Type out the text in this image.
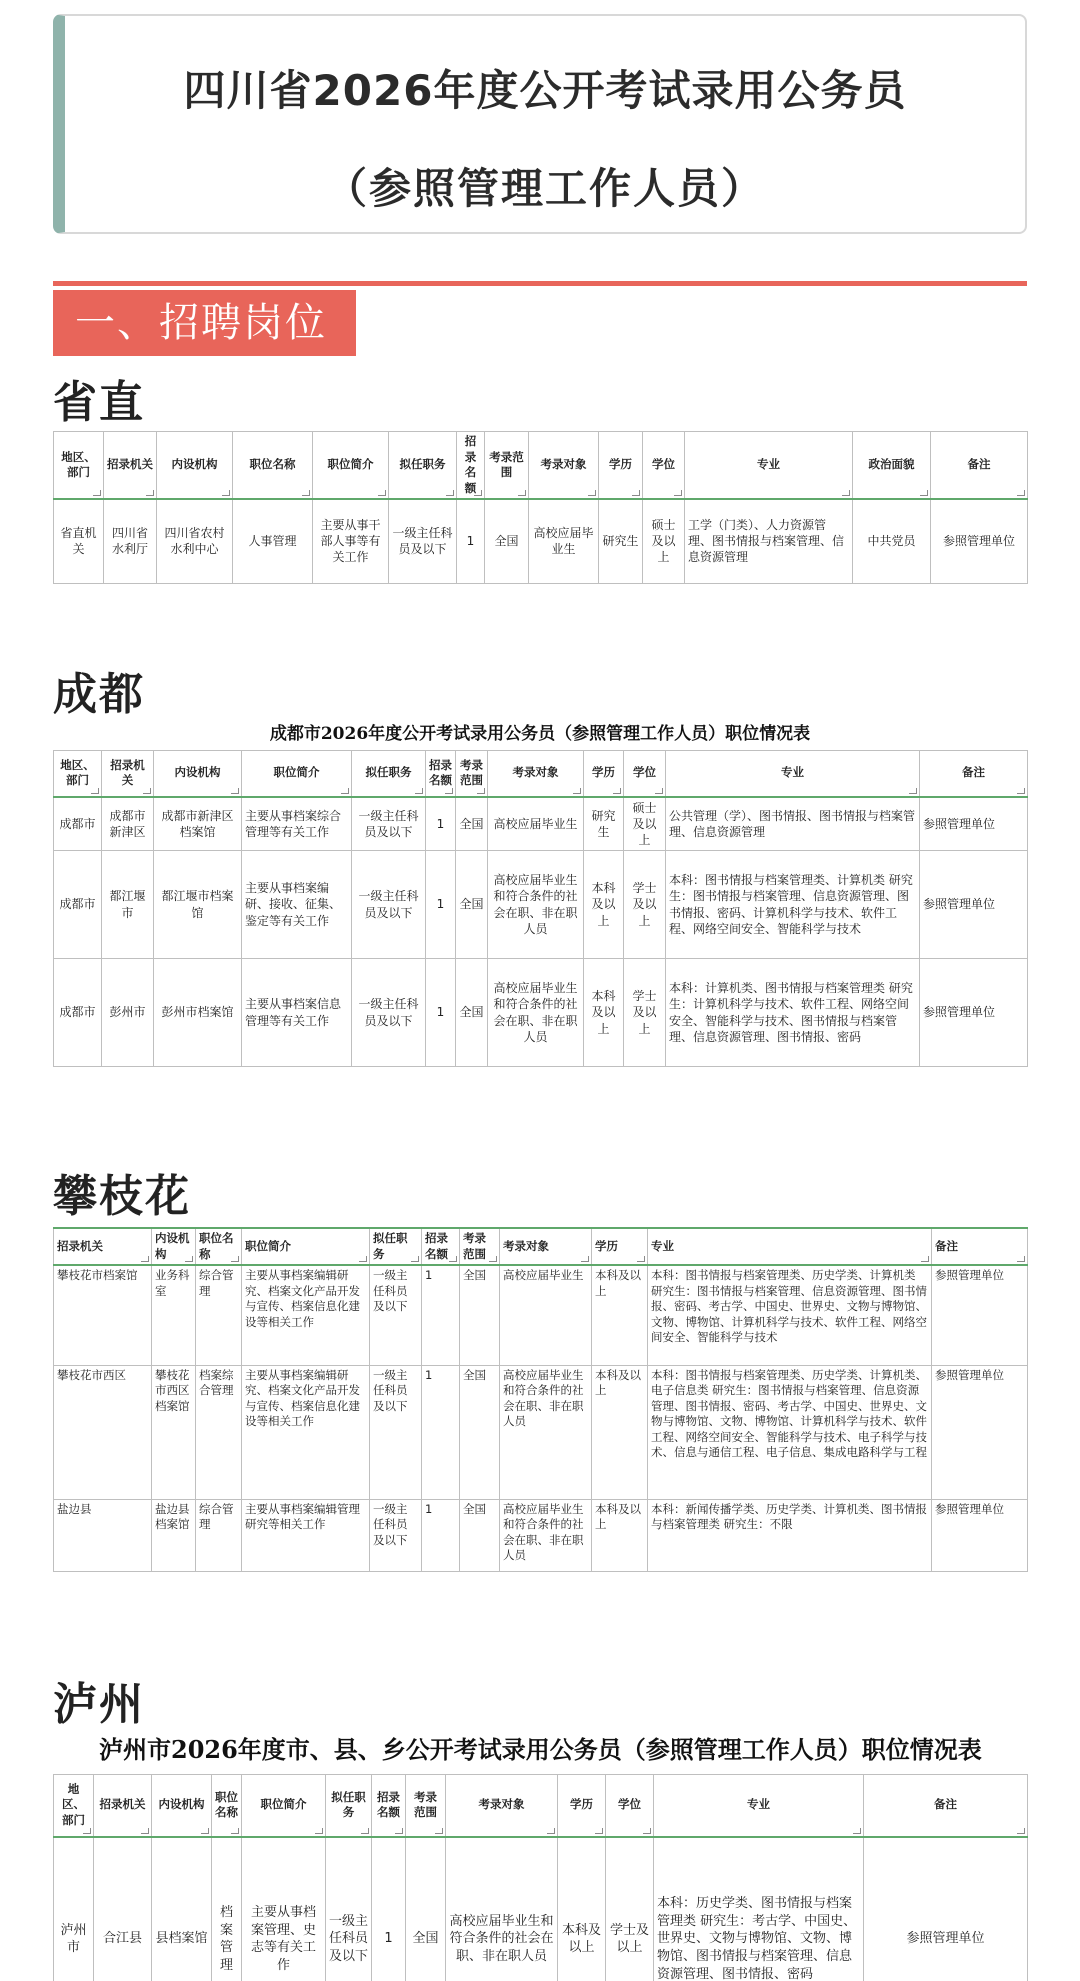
四川省2026年度公开考试录用公务员
（参照管理工作人员）
一、招聘岗位
省直
地区、部门	招录机关	内设机构	职位名称	职位简介	拟任职务	招录名额	考录范围	考录对象	学历	学位	专业	政治面貌	备注
省直机关	四川省水利厅	四川省农村水利中心	人事管理	主要从事干部人事等有关工作	一级主任科员及以下	1	全国	高校应届毕业生	研究生	硕士及以上	工学（门类）、人力资源管理、图书情报与档案管理、信息资源管理	中共党员	参照管理单位
成都
成都市2026年度公开考试录用公务员（参照管理工作人员）职位情况表
地区、部门	招录机关	内设机构	职位简介	拟任职务	招录名额	考录范围	考录对象	学历	学位	专业	备注
成都市	成都市新津区	成都市新津区档案馆	主要从事档案综合管理等有关工作	一级主任科员及以下	1	全国	高校应届毕业生	研究生	硕士及以上	公共管理（学）、图书情报、图书情报与档案管理、信息资源管理	参照管理单位
成都市	都江堰市	都江堰市档案馆	主要从事档案编研、接收、征集、鉴定等有关工作	一级主任科员及以下	1	全国	高校应届毕业生和符合条件的社会在职、非在职人员	本科及以上	学士及以上	本科：图书情报与档案管理类、计算机类 研究生：图书情报与档案管理、信息资源管理、图书情报、密码、计算机科学与技术、软件工程、网络空间安全、智能科学与技术	参照管理单位
成都市	彭州市	彭州市档案馆	主要从事档案信息管理等有关工作	一级主任科员及以下	1	全国	高校应届毕业生和符合条件的社会在职、非在职人员	本科及以上	学士及以上	本科：计算机类、图书情报与档案管理类 研究生：计算机科学与技术、软件工程、网络空间安全、智能科学与技术、图书情报与档案管理、信息资源管理、图书情报、密码	参照管理单位
攀枝花
招录机关	内设机构	职位名称	职位简介	拟任职务	招录名额	考录范围	考录对象	学历	专业	备注
攀枝花市档案馆	业务科室	综合管理	主要从事档案编辑研究、档案文化产品开发与宣传、档案信息化建设等相关工作	一级主任科员及以下	1	全国	高校应届毕业生	本科及以上	本科：图书情报与档案管理类、历史学类、计算机类 研究生：图书情报与档案管理、信息资源管理、图书情报、密码、考古学、中国史、世界史、文物与博物馆、文物、博物馆、计算机科学与技术、软件工程、网络空间安全、智能科学与技术	参照管理单位
攀枝花市西区	攀枝花市西区档案馆	档案综合管理	主要从事档案编辑研究、档案文化产品开发与宣传、档案信息化建设等相关工作	一级主任科员及以下	1	全国	高校应届毕业生和符合条件的社会在职、非在职人员	本科及以上	本科：图书情报与档案管理类、历史学类、计算机类、电子信息类 研究生：图书情报与档案管理、信息资源管理、图书情报、密码、考古学、中国史、世界史、文物与博物馆、文物、博物馆、计算机科学与技术、软件工程、网络空间安全、智能科学与技术、电子科学与技术、信息与通信工程、电子信息、集成电路科学与工程	参照管理单位
盐边县	盐边县档案馆	综合管理	主要从事档案编辑管理研究等相关工作	一级主任科员及以下	1	全国	高校应届毕业生和符合条件的社会在职、非在职人员	本科及以上	本科：新闻传播学类、历史学类、计算机类、图书情报与档案管理类 研究生：不限	参照管理单位
泸州
泸州市2026年度市、县、乡公开考试录用公务员（参照管理工作人员）职位情况表
地区、部门	招录机关	内设机构	职位名称	职位简介	拟任职务	招录名额	考录范围	考录对象	学历	学位	专业	备注
泸州市	合江县	县档案馆	档案管理	主要从事档案管理、史志等有关工作	一级主任科员及以下	1	全国	高校应届毕业生和符合条件的社会在职、非在职人员	本科及以上	学士及以上	本科：历史学类、图书情报与档案管理类 研究生：考古学、中国史、世界史、文物与博物馆、文物、博物馆、图书情报与档案管理、信息资源管理、图书情报、密码	参照管理单位
